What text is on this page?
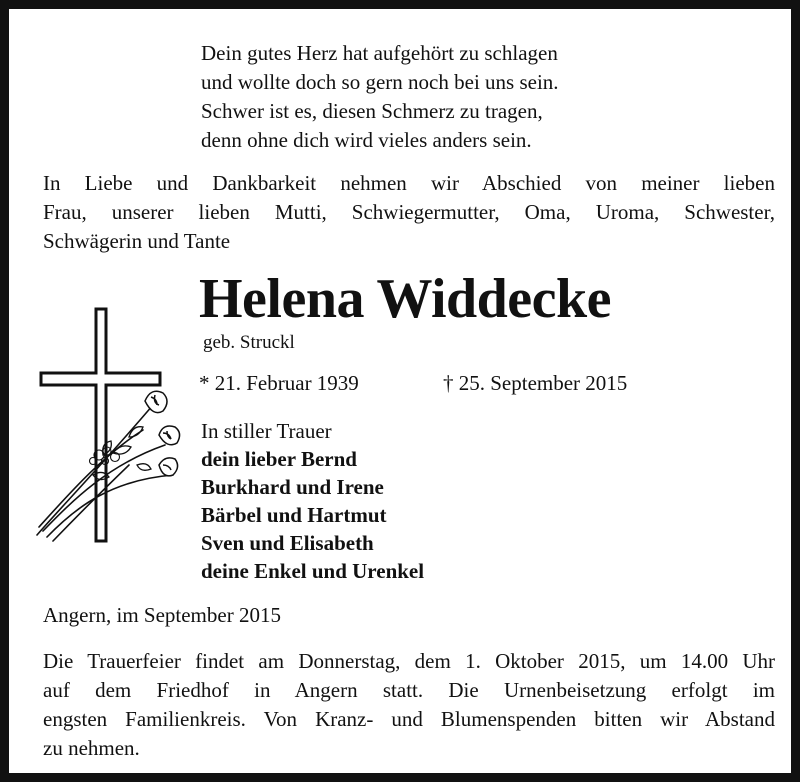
Dein gutes Herz hat aufgehört zu schlagen
und wollte doch so gern noch bei uns sein.
Schwer ist es, diesen Schmerz zu tragen,
denn ohne dich wird vieles anders sein.
In Liebe und Dankbarkeit nehmen wir Abschied von meiner lieben
Frau, unserer lieben Mutti, Schwiegermutter, Oma, Uroma, Schwester,
Schwägerin und Tante
Helena Widdecke
geb. Struckl
* 21. Februar 1939	† 25. September 2015
In stiller Trauer
dein lieber Bernd
Burkhard und Irene
Bärbel und Hartmut
Sven und Elisabeth
deine Enkel und Urenkel
Angern, im September 2015
Die Trauerfeier findet am Donnerstag, dem 1. Oktober 2015, um 14.00 Uhr
auf dem Friedhof in Angern statt. Die Urnenbeisetzung erfolgt im
engsten Familienkreis. Von Kranz- und Blumenspenden bitten wir Abstand
zu nehmen.
